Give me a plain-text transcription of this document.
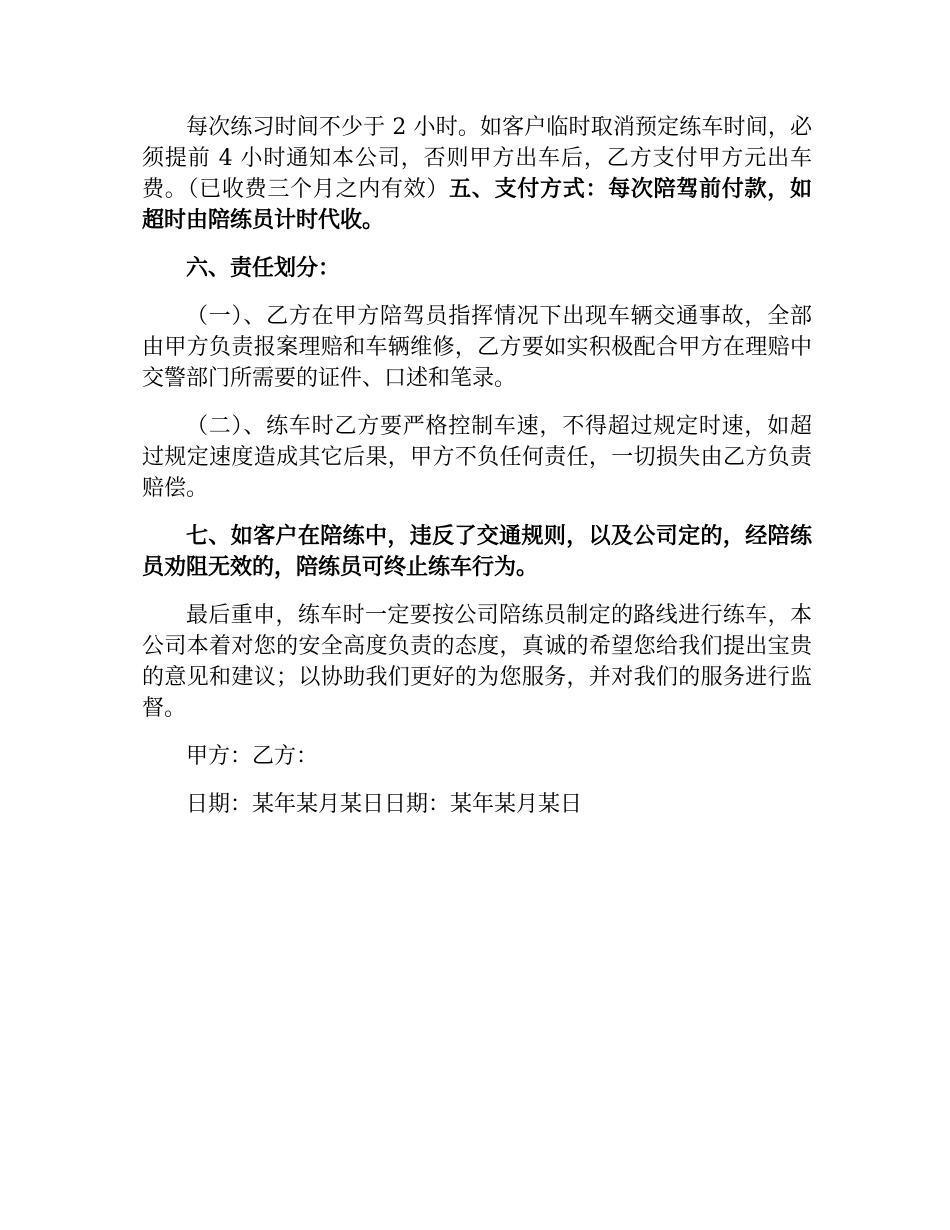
每次练习时间不少于 2 小时。如客户临时取消预定练车时间，必须提前 4 小时通知本公司，否则甲方出车后，乙方支付甲方元出车费。（已收费三个月之内有效）五、支付方式：每次陪驾前付款，如超时由陪练员计时代收。

六、责任划分：

（一）、乙方在甲方陪驾员指挥情况下出现车辆交通事故，全部由甲方负责报案理赔和车辆维修，乙方要如实积极配合甲方在理赔中交警部门所需要的证件、口述和笔录。

（二）、练车时乙方要严格控制车速，不得超过规定时速，如超过规定速度造成其它后果，甲方不负任何责任，一切损失由乙方负责赔偿。

七、如客户在陪练中，违反了交通规则，以及公司定的，经陪练员劝阻无效的，陪练员可终止练车行为。

最后重申，练车时一定要按公司陪练员制定的路线进行练车，本公司本着对您的安全高度负责的态度，真诚的希望您给我们提出宝贵的意见和建议；以协助我们更好的为您服务，并对我们的服务进行监督。

甲方：乙方：

日期：某年某月某日日期：某年某月某日
